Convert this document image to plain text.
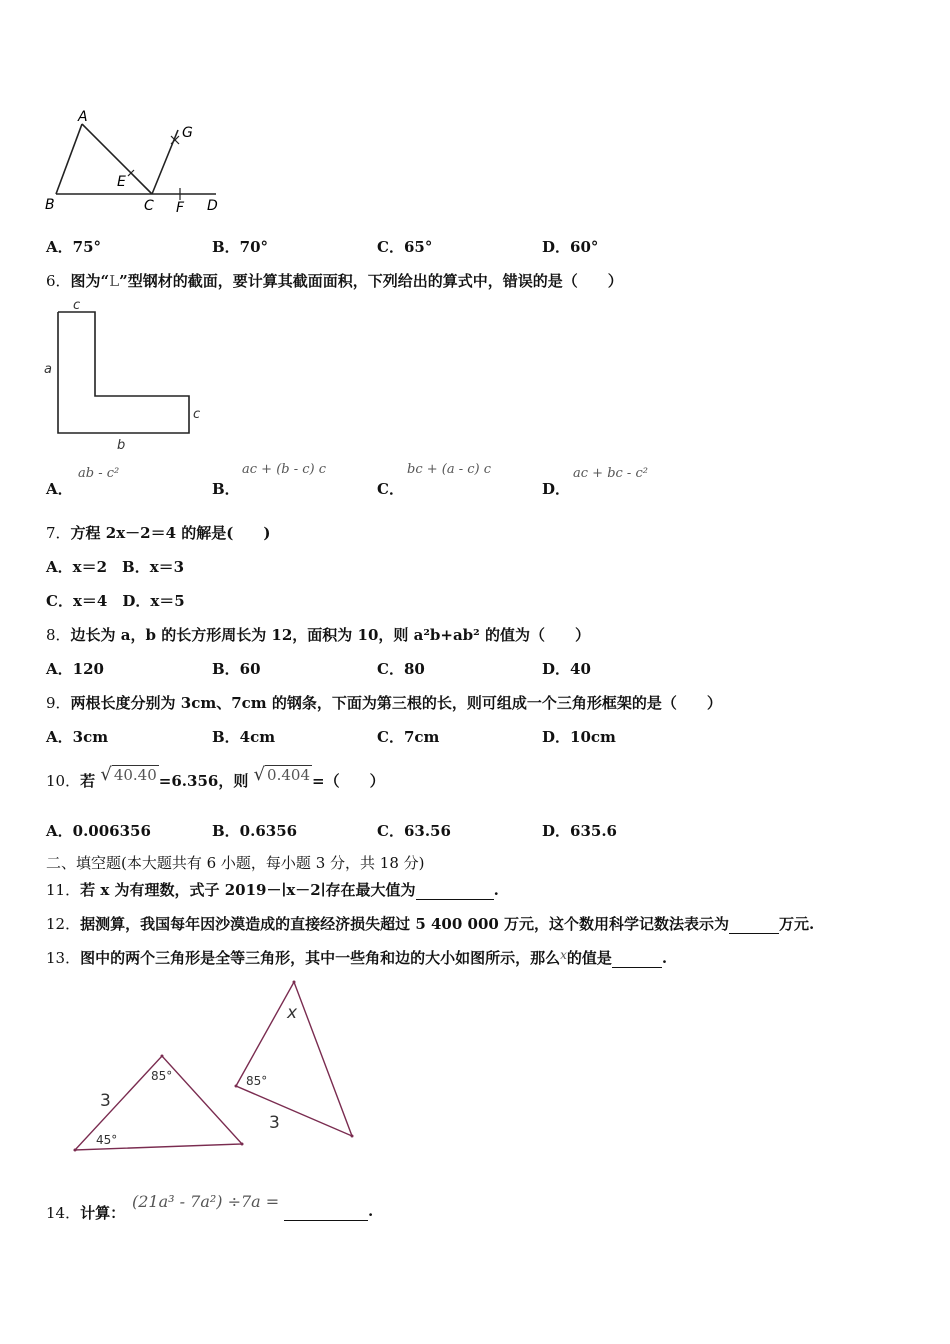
A
B	C	D
E
F
G
A．75°	B．70°	C．65°	D．60°
6．图为“L”型钢材的截面，要计算其截面面积，下列给出的算式中，错误的是（　　）
c
a
c
b
A．
ab - c²
B．
ac + (b - c) c
C．
bc + (a - c) c
D．
ac + bc - c²
7．方程 2x－2＝4 的解是(　　)
A．x＝2　B．x＝3
C．x＝4　D．x＝5
8．边长为 a，b 的长方形周长为 12，面积为 10，则 a²b+ab² 的值为（　　）
A．120	B．60	C．80	D．40
9．两根长度分别为 3cm、7cm 的钢条，下面为第三根的长，则可组成一个三角形框架的是（　　）
A．3cm	B．4cm	C．7cm	D．10cm
10．若 √ 40.40 =6.356，则 √ 0.404 =（　　）
A．0.006356	B．0.6356	C．63.56	D．635.6
二、填空题(本大题共有 6 小题，每小题 3 分，共 18 分)
11．若 x 为有理数，式子 2019－∣x－2∣存在最大值为	.
12．据测算，我国每年因沙漠造成的直接经济损失超过 5 400 000 万元，这个数用科学记数法表示为	万元.
13．图中的两个三角形是全等三角形，其中一些角和边的大小如图所示，那么$^x$的值是	.
3
85°
45°
x
85°
3
14．计算：
(21a³ - 7a²) ÷7a =	.
